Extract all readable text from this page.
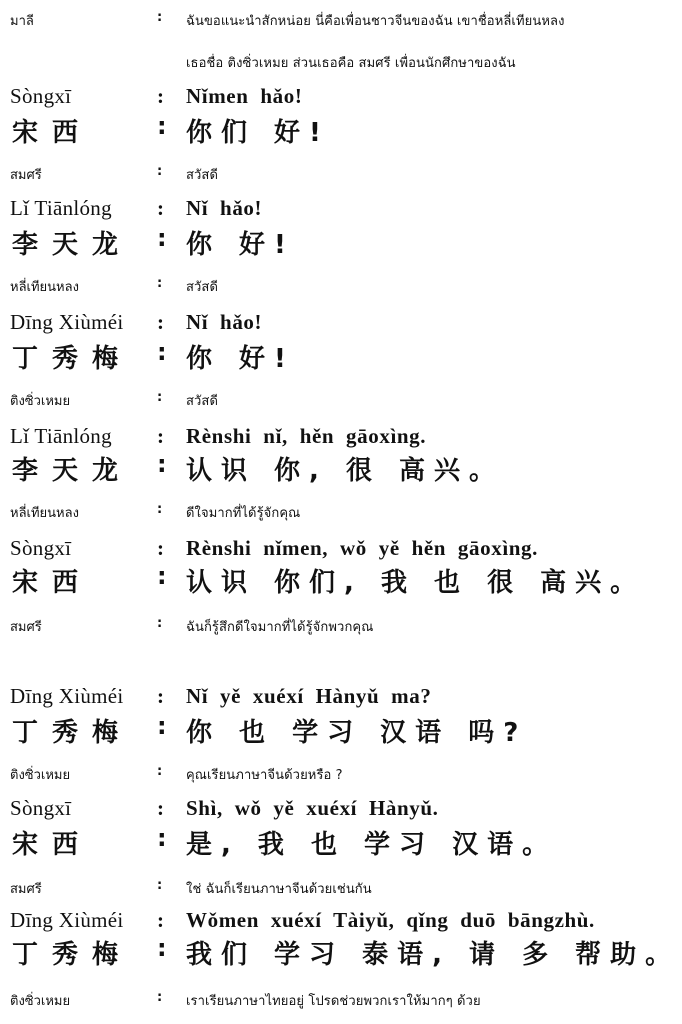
มาลี	: ฉันขอแนะนำสักหน่อย นี่คือเพื่อนชาวจีนของฉัน เขาชื่อหลี่เทียนหลง
เธอชื่อ ติงซิ่วเหมย ส่วนเธอคือ สมศรี เพื่อนนักศึกษาของฉัน
Sòngxī	: Nǐmen hǎo!
宋西	: 你们 好!
สมศรี	: สวัสดี
Lǐ Tiānlóng : Nǐ hǎo!
李天龙 : 你 好!
หลี่เทียนหลง	: สวัสดี
Dīng Xiùméi : Nǐ hǎo!
丁秀梅 : 你 好!
ติงซิ่วเหมย	: สวัสดี
Lǐ Tiānlóng : Rènshi nǐ, hěn gāoxìng.
李天龙 : 认识 你, 很 高兴。
หลี่เทียนหลง	: ดีใจมากที่ได้รู้จักคุณ
Sòngxī	: Rènshi nǐmen, wǒ yě hěn gāoxìng.
宋西	: 认识 你们, 我 也 很 高兴。
สมศรี	: ฉันก็รู้สึกดีใจมากที่ได้รู้จักพวกคุณ
Dīng Xiùméi : Nǐ yě xuéxí Hànyǔ ma?
丁秀梅 : 你 也 学习 汉语 吗?
ติงซิ่วเหมย	: คุณเรียนภาษาจีนด้วยหรือ ?
Sòngxī	: Shì, wǒ yě xuéxí Hànyǔ.
宋西	: 是, 我 也 学习 汉语。
สมศรี	: ใช่ ฉันก็เรียนภาษาจีนด้วยเช่นกัน
Dīng Xiùméi : Wǒmen xuéxí Tàiyǔ, qǐng duō bāngzhù.
丁秀梅 : 我们 学习 泰语, 请 多 帮助。
ติงซิ่วเหมย	: เราเรียนภาษาไทยอยู่ โปรดช่วยพวกเราให้มากๆ ด้วย
